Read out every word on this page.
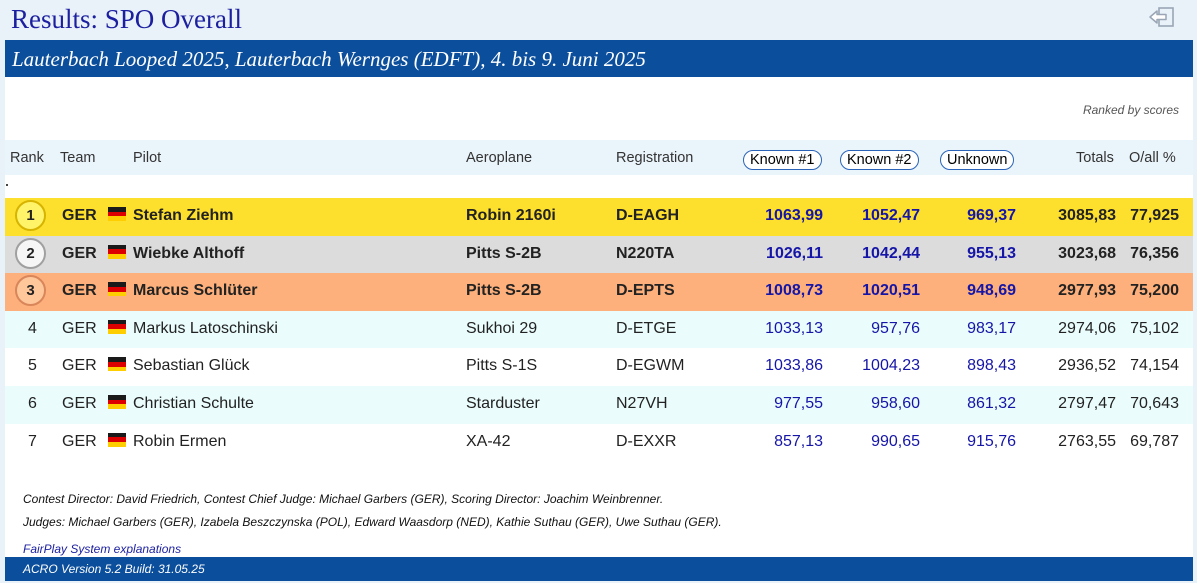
Results: SPO Overall
Lauterbach Looped 2025, Lauterbach Wernges (EDFT), 4. bis 9. Juni 2025
Ranked by scores
Rank Team	Pilot	Aeroplane	Registration	Known #1	Known #2	Unknown	Totals O/all %
1	GER Stefan Ziehm	Robin 2160i	D-EAGH	1063,99 1052,47	969,37	3085,83 77,925
2	GER Wiebke Althoff	Pitts S-2B	N220TA	1026,11 1042,44	955,13	3023,68 76,356
3	GER Marcus Schlüter	Pitts S-2B	D-EPTS	1008,73 1020,51	948,69	2977,93 75,200
4 GER Markus Latoschinski	Sukhoi 29	D-ETGE	1033,13	957,76	983,17	2974,06 75,102
5 GER Sebastian Glück	Pitts S-1S	D-EGWM	1033,86 1004,23	898,43	2936,52 74,154
6 GER Christian Schulte	Starduster	N27VH	977,55	958,60	861,32	2797,47 70,643
7 GER Robin Ermen	XA-42	D-EXXR	857,13	990,65	915,76	2763,55 69,787
Contest Director: David Friedrich, Contest Chief Judge: Michael Garbers (GER), Scoring Director: Joachim Weinbrenner.
Judges: Michael Garbers (GER), Izabela Beszczynska (POL), Edward Waasdorp (NED), Kathie Suthau (GER), Uwe Suthau (GER).
FairPlay System explanations
ACRO Version 5.2 Build: 31.05.25
